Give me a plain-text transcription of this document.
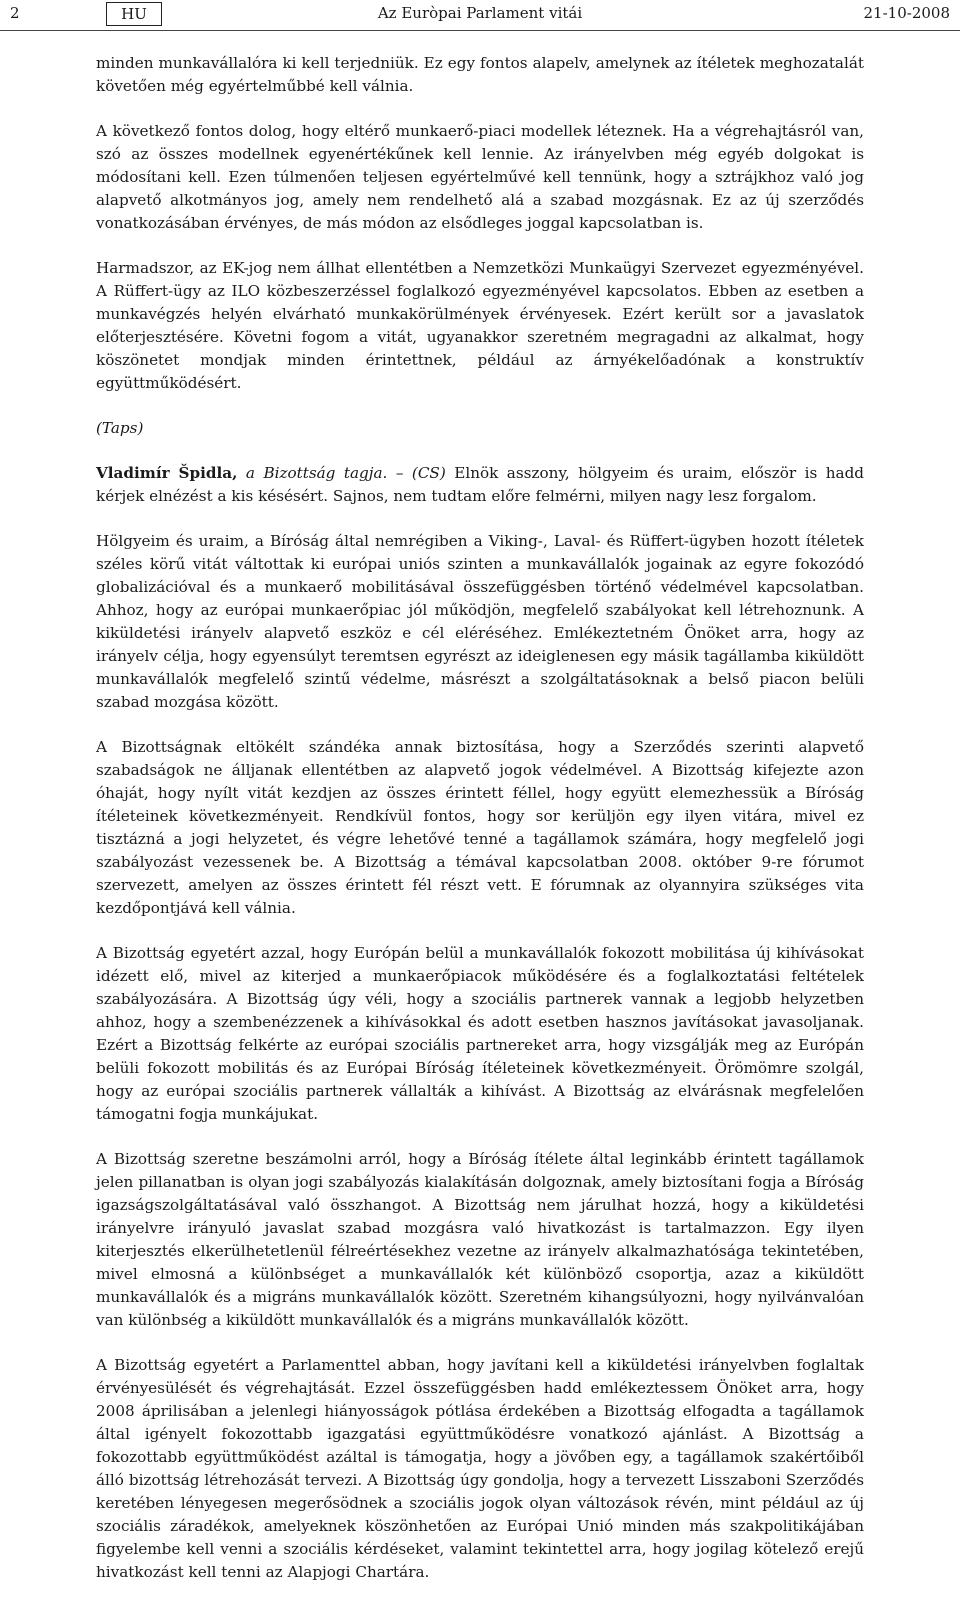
2	HU	Az Euròpai Parlament vitái	21-10-2008

minden munkavállalóra ki kell terjedniük. Ez egy fontos alapelv, amelynek az ítéletek meghozatalát követően még egyértelműbbé kell válnia.

A következő fontos dolog, hogy eltérő munkaerő-piaci modellek léteznek. Ha a végrehajtásról van, szó az összes modellnek egyenértékűnek kell lennie. Az irányelvben még egyéb dolgokat is módosítani kell. Ezen túlmenően teljesen egyértelművé kell tennünk, hogy a sztrájkhoz való jog alapvető alkotmányos jog, amely nem rendelhető alá a szabad mozgásnak. Ez az új szerződés vonatkozásában érvényes, de más módon az elsődleges joggal kapcsolatban is.

Harmadszor, az EK-jog nem állhat ellentétben a Nemzetközi Munkaügyi Szervezet egyezményével. A Rüffert-ügy az ILO közbeszerzéssel foglalkozó egyezményével kapcsolatos. Ebben az esetben a munkavégzés helyén elvárható munkakörülmények érvényesek. Ezért került sor a javaslatok előterjesztésére. Követni fogom a vitát, ugyanakkor szeretném megragadni az alkalmat, hogy köszönetet mondjak minden érintettnek, például az árnyékelőadónak a konstruktív együttműködésért.

(Taps)

Vladimír Špidla, a Bizottság tagja. – (CS) Elnök asszony, hölgyeim és uraim, először is hadd kérjek elnézést a kis késésért. Sajnos, nem tudtam előre felmérni, milyen nagy lesz forgalom.

Hölgyeim és uraim, a Bíróság által nemrégiben a Viking-, Laval- és Rüffert-ügyben hozott ítéletek széles körű vitát váltottak ki európai uniós szinten a munkavállalók jogainak az egyre fokozódó globalizációval és a munkaerő mobilitásával összefüggésben történő védelmével kapcsolatban. Ahhoz, hogy az európai munkaerőpiac jól működjön, megfelelő szabályokat kell létrehoznunk. A kiküldetési irányelv alapvető eszköz e cél eléréséhez. Emlékeztetném Önöket arra, hogy az irányelv célja, hogy egyensúlyt teremtsen egyrészt az ideiglenesen egy másik tagállamba kiküldött munkavállalók megfelelő szintű védelme, másrészt a szolgáltatásoknak a belső piacon belüli szabad mozgása között.

A Bizottságnak eltökélt szándéka annak biztosítása, hogy a Szerződés szerinti alapvető szabadságok ne álljanak ellentétben az alapvető jogok védelmével. A Bizottság kifejezte azon óhaját, hogy nyílt vitát kezdjen az összes érintett féllel, hogy együtt elemezhessük a Bíróság ítéleteinek következményeit. Rendkívül fontos, hogy sor kerüljön egy ilyen vitára, mivel ez tisztázná a jogi helyzetet, és végre lehetővé tenné a tagállamok számára, hogy megfelelő jogi szabályozást vezessenek be. A Bizottság a témával kapcsolatban 2008. október 9-re fórumot szervezett, amelyen az összes érintett fél részt vett. E fórumnak az olyannyira szükséges vita kezdőpontjává kell válnia.

A Bizottság egyetért azzal, hogy Európán belül a munkavállalók fokozott mobilitása új kihívásokat idézett elő, mivel az kiterjed a munkaerőpiacok működésére és a foglalkoztatási feltételek szabályozására. A Bizottság úgy véli, hogy a szociális partnerek vannak a legjobb helyzetben ahhoz, hogy a szembenézzenek a kihívásokkal és adott esetben hasznos javításokat javasoljanak. Ezért a Bizottság felkérte az európai szociális partnereket arra, hogy vizsgálják meg az Európán belüli fokozott mobilitás és az Európai Bíróság ítéleteinek következményeit. Örömömre szolgál, hogy az európai szociális partnerek vállalták a kihívást. A Bizottság az elvárásnak megfelelően támogatni fogja munkájukat.

A Bizottság szeretne beszámolni arról, hogy a Bíróság ítélete által leginkább érintett tagállamok jelen pillanatban is olyan jogi szabályozás kialakításán dolgoznak, amely biztosítani fogja a Bíróság igazságszolgáltatásával való összhangot. A Bizottság nem járulhat hozzá, hogy a kiküldetési irányelvre irányuló javaslat szabad mozgásra való hivatkozást is tartalmazzon. Egy ilyen kiterjesztés elkerülhetetlenül félreértésekhez vezetne az irányelv alkalmazhatósága tekintetében, mivel elmosná a különbséget a munkavállalók két különböző csoportja, azaz a kiküldött munkavállalók és a migráns munkavállalók között. Szeretném kihangsúlyozni, hogy nyilvánvalóan van különbség a kiküldött munkavállalók és a migráns munkavállalók között.

A Bizottság egyetért a Parlamenttel abban, hogy javítani kell a kiküldetési irányelvben foglaltak érvényesülését és végrehajtását. Ezzel összefüggésben hadd emlékeztessem Önöket arra, hogy 2008 áprilisában a jelenlegi hiányosságok pótlása érdekében a Bizottság elfogadta a tagállamok által igényelt fokozottabb igazgatási együttműködésre vonatkozó ajánlást. A Bizottság a fokozottabb együttműködést azáltal is támogatja, hogy a jövőben egy, a tagállamok szakértőiből álló bizottság létrehozását tervezi. A Bizottság úgy gondolja, hogy a tervezett Lisszaboni Szerződés keretében lényegesen megerősödnek a szociális jogok olyan változások révén, mint például az új szociális záradékok, amelyeknek köszönhetően az Európai Unió minden más szakpolitikájában figyelembe kell venni a szociális kérdéseket, valamint tekintettel arra, hogy jogilag kötelező erejű hivatkozást kell tenni az Alapjogi Chartára.
